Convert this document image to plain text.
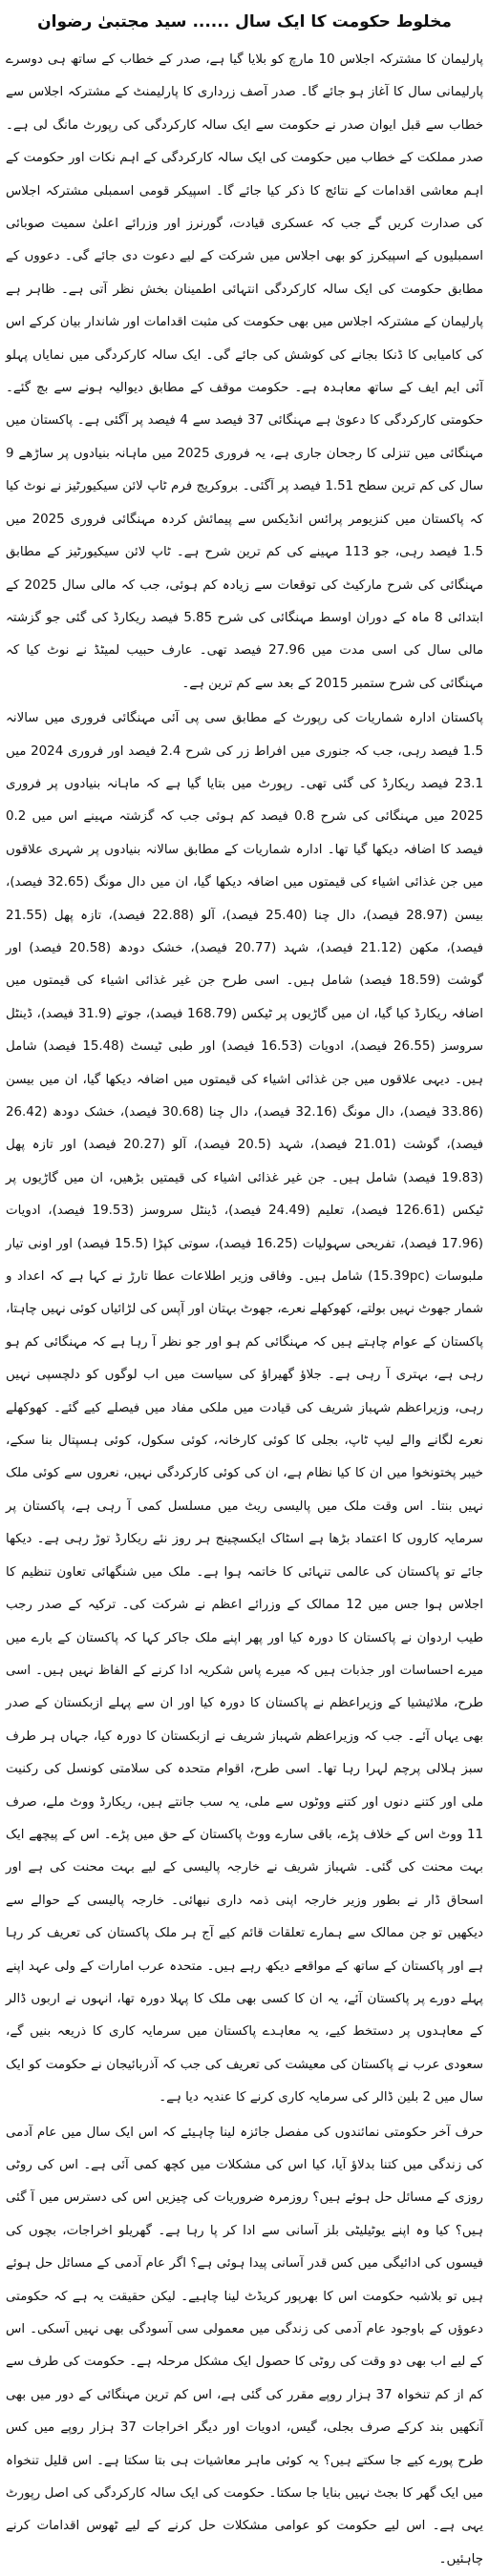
مخلوط حکومت کا ایک سال ...... سید مجتبیٰ رضوان

پارلیمان کا مشترکہ اجلاس 10 مارچ کو بلایا گیا ہے، صدر کے خطاب کے ساتھ ہی دوسرے پارلیمانی سال کا آغاز ہو جائے گا۔ صدر آصف زرداری کا پارلیمنٹ کے مشترکہ اجلاس سے خطاب سے قبل ایوان صدر نے حکومت سے ایک سالہ کارکردگی کی رپورٹ مانگ لی ہے۔ صدر مملکت کے خطاب میں حکومت کی ایک سالہ کارکردگی کے اہم نکات اور حکومت کے اہم معاشی اقدامات کے نتائج کا ذکر کیا جائے گا۔ اسپیکر قومی اسمبلی مشترکہ اجلاس کی صدارت کریں گے جب کہ عسکری قیادت، گورنرز اور وزرائے اعلیٰ سمیت صوبائی اسمبلیوں کے اسپیکرز کو بھی اجلاس میں شرکت کے لیے دعوت دی جائے گی۔ دعووں کے مطابق حکومت کی ایک سالہ کارکردگی انتہائی اطمینان بخش نظر آتی ہے۔ ظاہر ہے پارلیمان کے مشترکہ اجلاس میں بھی حکومت کی مثبت اقدامات اور شاندار بیان کرکے اس کی کامیابی کا ڈنکا بجانے کی کوشش کی جائے گی۔ ایک سالہ کارکردگی میں نمایاں پہلو آئی ایم ایف کے ساتھ معاہدہ ہے۔ حکومت موقف کے مطابق دیوالیہ ہونے سے بچ گئے۔ حکومتی کارکردگی کا دعویٰ ہے مہنگائی 37 فیصد سے 4 فیصد پر آگئی ہے۔ پاکستان میں مہنگائی میں تنزلی کا رجحان جاری ہے، یہ فروری 2025 میں ماہانہ بنیادوں پر ساڑھے 9 سال کی کم ترین سطح 1.51 فیصد پر آگئی۔ بروکریج فرم ٹاپ لائن سیکیورٹیز نے نوٹ کیا کہ پاکستان میں کنزیومر پرائس انڈیکس سے پیمائش کردہ مہنگائی فروری 2025 میں 1.5 فیصد رہی، جو 113 مہینے کی کم ترین شرح ہے۔ ٹاپ لائن سیکیورٹیز کے مطابق مہنگائی کی شرح مارکیٹ کی توقعات سے زیادہ کم ہوئی، جب کہ مالی سال 2025 کے ابتدائی 8 ماہ کے دوران اوسط مہنگائی کی شرح 5.85 فیصد ریکارڈ کی گئی جو گزشتہ مالی سال کی اسی مدت میں 27.96 فیصد تھی۔ عارف حبیب لمیٹڈ نے نوٹ کیا کہ مہنگائی کی شرح ستمبر 2015 کے بعد سے کم ترین ہے۔

پاکستان ادارہ شماریات کی رپورٹ کے مطابق سی پی آئی مہنگائی فروری میں سالانہ 1.5 فیصد رہی، جب کہ جنوری میں افراط زر کی شرح 2.4 فیصد اور فروری 2024 میں 23.1 فیصد ریکارڈ کی گئی تھی۔ رپورٹ میں بتایا گیا ہے کہ ماہانہ بنیادوں پر فروری 2025 میں مہنگائی کی شرح 0.8 فیصد کم ہوئی جب کہ گزشتہ مہینے اس میں 0.2 فیصد کا اضافہ دیکھا گیا تھا۔ ادارہ شماریات کے مطابق سالانہ بنیادوں پر شہری علاقوں میں جن غذائی اشیاء کی قیمتوں میں اضافہ دیکھا گیا، ان میں دال مونگ (32.65 فیصد)، بیسن (28.97 فیصد)، دال چنا (25.40 فیصد)، آلو (22.88 فیصد)، تازہ پھل (21.55 فیصد)، مکھن (21.12 فیصد)، شہد (20.77 فیصد)، خشک دودھ (20.58 فیصد) اور گوشت (18.59 فیصد) شامل ہیں۔ اسی طرح جن غیر غذائی اشیاء کی قیمتوں میں اضافہ ریکارڈ کیا گیا، ان میں گاڑیوں پر ٹیکس (168.79 فیصد)، جوتے (31.9 فیصد)، ڈینٹل سروسز (26.55 فیصد)، ادویات (16.53 فیصد) اور طبی ٹیسٹ (15.48 فیصد) شامل ہیں۔ دیہی علاقوں میں جن غذائی اشیاء کی قیمتوں میں اضافہ دیکھا گیا، ان میں بیسن (33.86 فیصد)، دال مونگ (32.16 فیصد)، دال چنا (30.68 فیصد)، خشک دودھ (26.42 فیصد)، گوشت (21.01 فیصد)، شہد (20.5 فیصد)، آلو (20.27 فیصد) اور تازہ پھل (19.83 فیصد) شامل ہیں۔ جن غیر غذائی اشیاء کی قیمتیں بڑھیں، ان میں گاڑیوں پر ٹیکس (126.61 فیصد)، تعلیم (24.49 فیصد)، ڈینٹل سروسز (19.53 فیصد)، ادویات (17.96 فیصد)، تفریحی سہولیات (16.25 فیصد)، سوتی کپڑا (15.5 فیصد) اور اونی تیار ملبوسات (15.39pc) شامل ہیں۔ وفاقی وزیر اطلاعات عطا تارڑ نے کہا ہے کہ اعداد و شمار جھوٹ نہیں بولتے، کھوکھلے نعرے، جھوٹ بہتان اور آپس کی لڑائیاں کوئی نہیں چاہتا، پاکستان کے عوام چاہتے ہیں کہ مہنگائی کم ہو اور جو نظر آ رہا ہے کہ مہنگائی کم ہو رہی ہے، بہتری آ رہی ہے۔ جلاؤ گھیراؤ کی سیاست میں اب لوگوں کو دلچسپی نہیں رہی، وزیراعظم شہباز شریف کی قیادت میں ملکی مفاد میں فیصلے کیے گئے۔ کھوکھلے نعرے لگانے والے لیپ ٹاپ، بجلی کا کوئی کارخانہ، کوئی سکول، کوئی ہسپتال بنا سکے، خیبر پختونخوا میں ان کا کیا نظام ہے، ان کی کوئی کارکردگی نہیں، نعروں سے کوئی ملک نہیں بنتا۔ اس وقت ملک میں پالیسی ریٹ میں مسلسل کمی آ رہی ہے، پاکستان پر سرمایہ کاروں کا اعتماد بڑھا ہے اسٹاک ایکسچینج ہر روز نئے ریکارڈ توڑ رہی ہے۔ دیکھا جائے تو پاکستان کی عالمی تنہائی کا خاتمہ ہوا ہے۔ ملک میں شنگھائی تعاون تنظیم کا اجلاس ہوا جس میں 12 ممالک کے وزرائے اعظم نے شرکت کی۔ ترکیہ کے صدر رجب طیب اردوان نے پاکستان کا دورہ کیا اور پھر اپنے ملک جاکر کہا کہ پاکستان کے بارے میں میرے احساسات اور جذبات ہیں کہ میرے پاس شکریہ ادا کرنے کے الفاظ نہیں ہیں۔ اسی طرح، ملائیشیا کے وزیراعظم نے پاکستان کا دورہ کیا اور ان سے پہلے ازبکستان کے صدر بھی یہاں آئے۔ جب کہ وزیراعظم شہباز شریف نے ازبکستان کا دورہ کیا، جہاں ہر طرف سبز ہلالی پرچم لہرا رہا تھا۔ اسی طرح، اقوام متحدہ کی سلامتی کونسل کی رکنیت ملی اور کتنے دنوں اور کتنے ووٹوں سے ملی، یہ سب جانتے ہیں، ریکارڈ ووٹ ملے، صرف 11 ووٹ اس کے خلاف پڑے، باقی سارے ووٹ پاکستان کے حق میں پڑے۔ اس کے پیچھے ایک بہت محنت کی گئی۔ شہباز شریف نے خارجہ پالیسی کے لیے بہت محنت کی ہے اور اسحاق ڈار نے بطور وزیر خارجہ اپنی ذمہ داری نبھائی۔ خارجہ پالیسی کے حوالے سے دیکھیں تو جن ممالک سے ہمارے تعلقات قائم کیے آج ہر ملک پاکستان کی تعریف کر رہا ہے اور پاکستان کے ساتھ کے مواقعے دیکھ رہے ہیں۔ متحدہ عرب امارات کے ولی عہد اپنے پہلے دورے پر پاکستان آئے، یہ ان کا کسی بھی ملک کا پہلا دورہ تھا، انہوں نے اربوں ڈالر کے معاہدوں پر دستخط کیے، یہ معاہدے پاکستان میں سرمایہ کاری کا ذریعہ بنیں گے، سعودی عرب نے پاکستان کی معیشت کی تعریف کی جب کہ آذربائیجان نے حکومت کو ایک سال میں 2 بلین ڈالر کی سرمایہ کاری کرنے کا عندیہ دیا ہے۔

حرف آخر حکومتی نمائندوں کی مفصل جائزہ لینا چاہیئے کہ اس ایک سال میں عام آدمی کی زندگی میں کتنا بدلاؤ آیا، کیا اس کی مشکلات میں کچھ کمی آئی ہے۔ اس کی روٹی روزی کے مسائل حل ہوئے ہیں؟ روزمرہ ضروریات کی چیزیں اس کی دسترس میں آ گئی ہیں؟ کیا وہ اپنے یوٹیلیٹی بلز آسانی سے ادا کر پا رہا ہے۔ گھریلو اخراجات، بچوں کی فیسوں کی ادائیگی میں کس قدر آسانی پیدا ہوئی ہے؟ اگر عام آدمی کے مسائل حل ہوئے ہیں تو بلاشبہ حکومت اس کا بھرپور کریڈٹ لینا چاہیے۔ لیکن حقیقت یہ ہے کہ حکومتی دعوؤں کے باوجود عام آدمی کی زندگی میں معمولی سی آسودگی بھی نہیں آسکی۔ اس کے لیے اب بھی دو وقت کی روٹی کا حصول ایک مشکل مرحلہ ہے۔ حکومت کی طرف سے کم از کم تنخواہ 37 ہزار روپے مقرر کی گئی ہے، اس کم ترین مہنگائی کے دور میں بھی آنکھیں بند کرکے صرف بجلی، گیس، ادویات اور دیگر اخراجات 37 ہزار روپے میں کس طرح پورے کیے جا سکتے ہیں؟ یہ کوئی ماہر معاشیات ہی بتا سکتا ہے۔ اس قلیل تنخواہ میں ایک گھر کا بجٹ نہیں بنایا جا سکتا۔ حکومت کی ایک سالہ کارکردگی کی اصل رپورٹ یہی ہے۔ اس لیے حکومت کو عوامی مشکلات حل کرنے کے لیے ٹھوس اقدامات کرنے چاہئیں۔
